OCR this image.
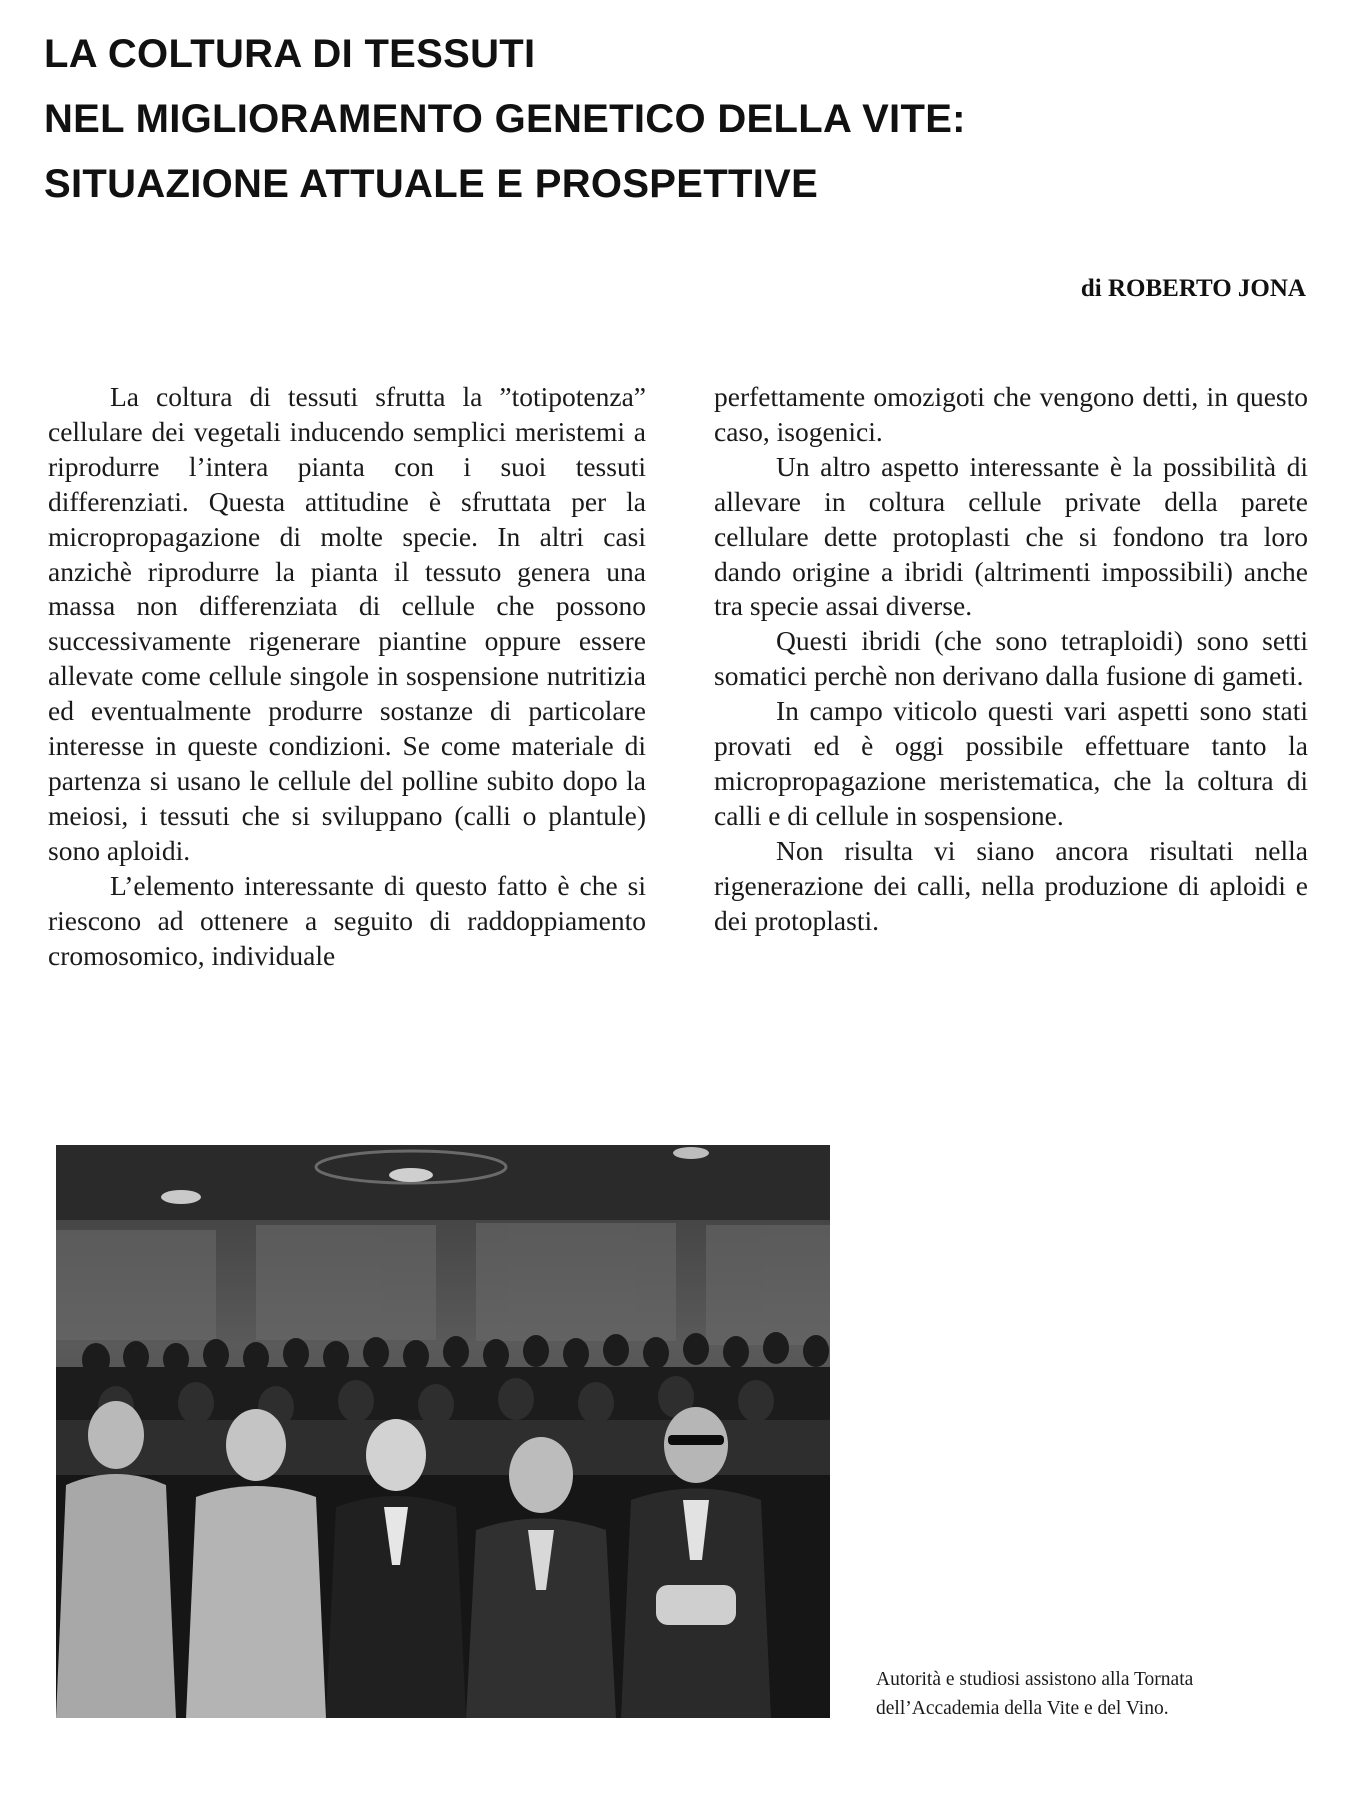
LA COLTURA DI TESSUTI
NEL MIGLIORAMENTO GENETICO DELLA VITE:
SITUAZIONE ATTUALE E PROSPETTIVE
di ROBERTO JONA

La coltura di tessuti sfrutta la ”totipotenza” cellulare dei vegetali inducendo semplici meristemi a riprodurre l’intera pianta con i suoi tessuti differenziati. Questa attitudine è sfruttata per la micropropagazione di molte specie. In altri casi anzichè riprodurre la pianta il tessuto genera una massa non differenziata di cellule che possono successivamente rigenerare piantine oppure essere allevate come cellule singole in sospensione nutritizia ed eventualmente produrre sostanze di particolare interesse in queste condizioni. Se come materiale di partenza si usano le cellule del polline subito dopo la meiosi, i tessuti che si sviluppano (calli o plantule) sono aploidi.

L’elemento interessante di questo fatto è che si riescono ad ottenere a seguito di raddoppiamento cromosomico, individuale

perfettamente omozigoti che vengono detti, in questo caso, isogenici.

Un altro aspetto interessante è la possibilità di allevare in coltura cellule private della parete cellulare dette protoplasti che si fondono tra loro dando origine a ibridi (altrimenti impossibili) anche tra specie assai diverse.

Questi ibridi (che sono tetraploidi) sono setti somatici perchè non derivano dalla fusione di gameti.

In campo viticolo questi vari aspetti sono stati provati ed è oggi possibile effettuare tanto la micropropagazione meristematica, che la coltura di calli e di cellule in sospensione.

Non risulta vi siano ancora risultati nella rigenerazione dei calli, nella produzione di aploidi e dei protoplasti.

Autorità e studiosi assistono alla Tornata
dell’Accademia della Vite e del Vino.
